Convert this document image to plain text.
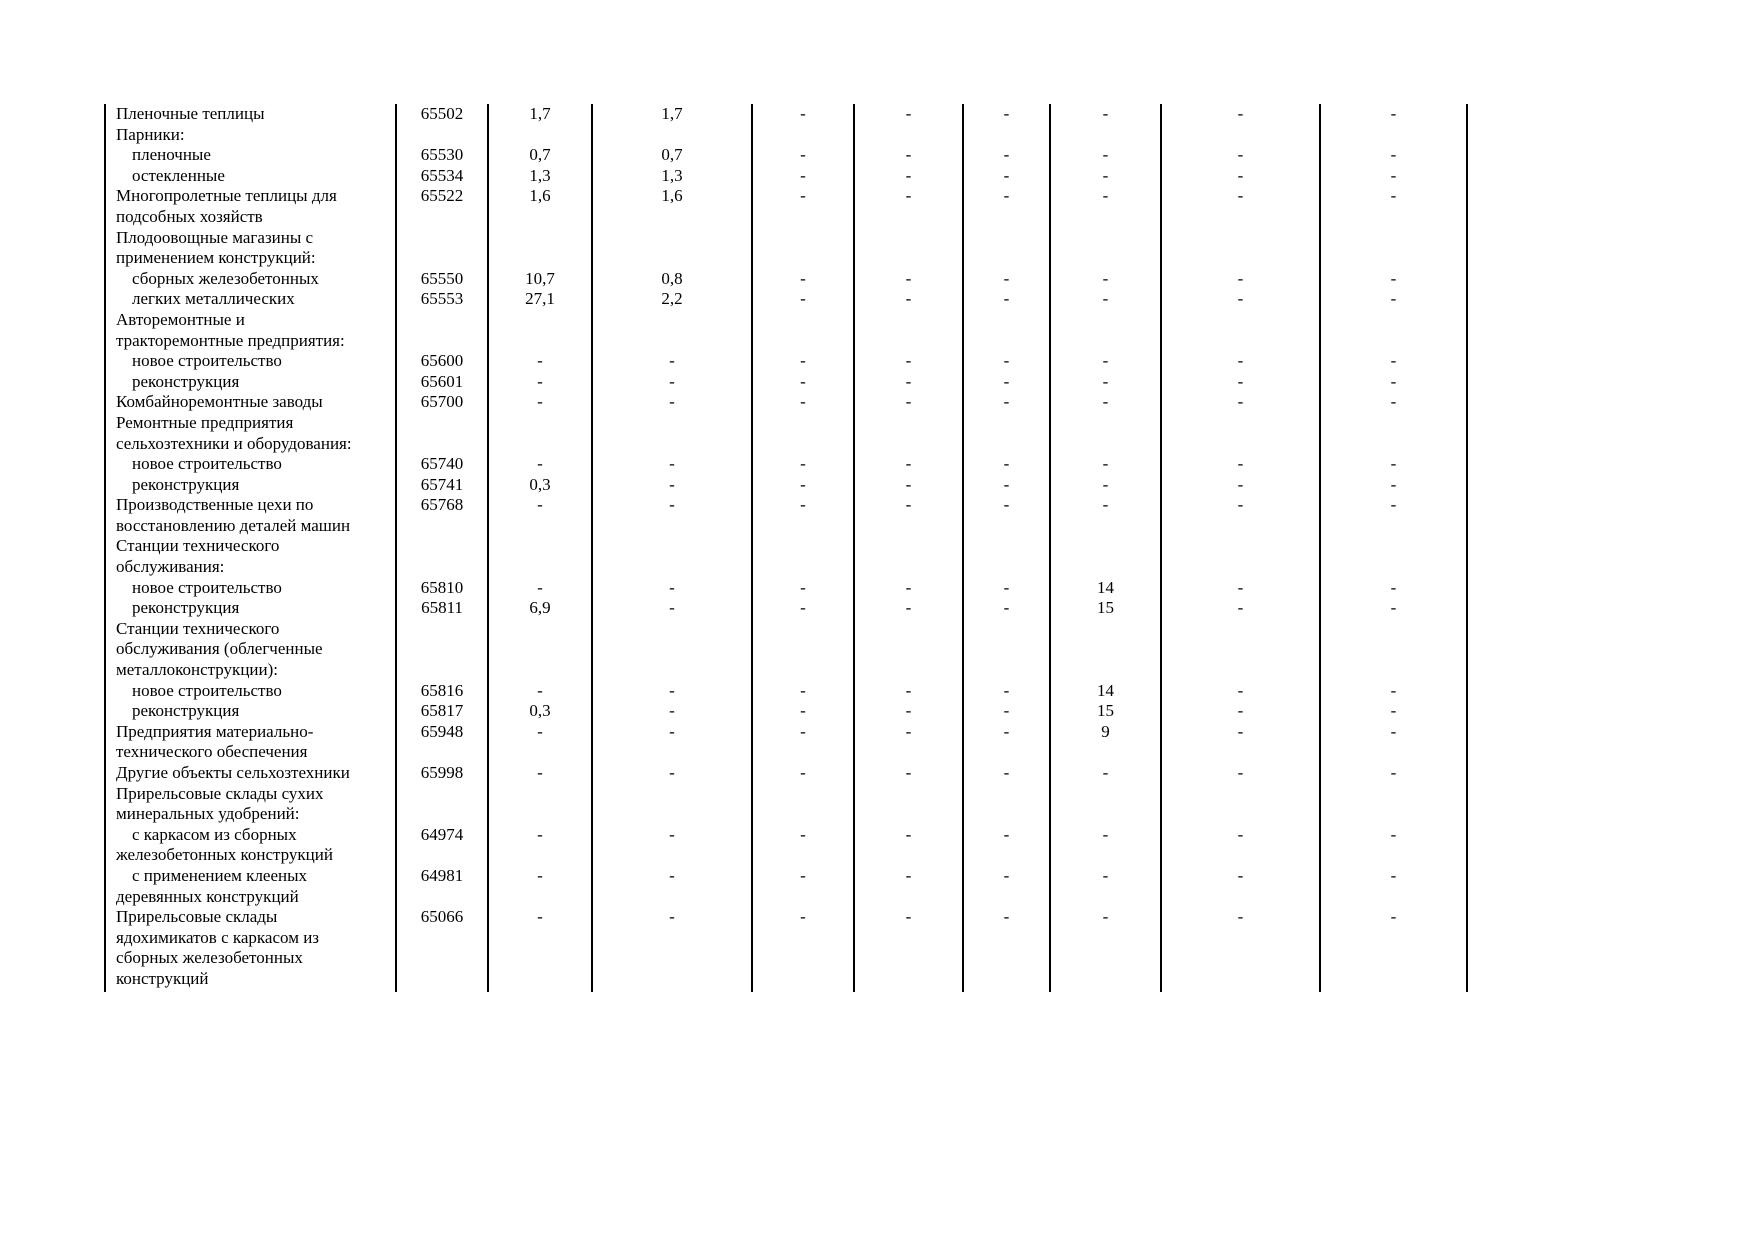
Пленочные теплицы	65502	1,7	1,7	-	-	-	-	-	-
Парники:									
пленочные	65530	0,7	0,7	-	-	-	-	-	-
остекленные	65534	1,3	1,3	-	-	-	-	-	-
Многопролетные теплицы для	65522	1,6	1,6	-	-	-	-	-	-
подсобных хозяйств									
Плодоовощные магазины с									
применением конструкций:									
сборных железобетонных	65550	10,7	0,8	-	-	-	-	-	-
легких металлических	65553	27,1	2,2	-	-	-	-	-	-
Авторемонтные и									
тракторемонтные предприятия:									
новое строительство	65600	-	-	-	-	-	-	-	-
реконструкция	65601	-	-	-	-	-	-	-	-
Комбайноремонтные заводы	65700	-	-	-	-	-	-	-	-
Ремонтные предприятия									
сельхозтехники и оборудования:									
новое строительство	65740	-	-	-	-	-	-	-	-
реконструкция	65741	0,3	-	-	-	-	-	-	-
Производственные цехи по	65768	-	-	-	-	-	-	-	-
восстановлению деталей машин									
Станции технического									
обслуживания:									
новое строительство	65810	-	-	-	-	-	14	-	-
реконструкция	65811	6,9	-	-	-	-	15	-	-
Станции технического									
обслуживания (облегченные									
металлоконструкции):									
новое строительство	65816	-	-	-	-	-	14	-	-
реконструкция	65817	0,3	-	-	-	-	15	-	-
Предприятия материально-	65948	-	-	-	-	-	9	-	-
технического обеспечения									
Другие объекты сельхозтехники	65998	-	-	-	-	-	-	-	-
Прирельсовые склады сухих									
минеральных удобрений:									
с каркасом из сборных	64974	-	-	-	-	-	-	-	-
железобетонных конструкций									
с применением клееных	64981	-	-	-	-	-	-	-	-
деревянных конструкций									
Прирельсовые склады	65066	-	-	-	-	-	-	-	-
ядохимикатов с каркасом из									
сборных железобетонных									
конструкций									
